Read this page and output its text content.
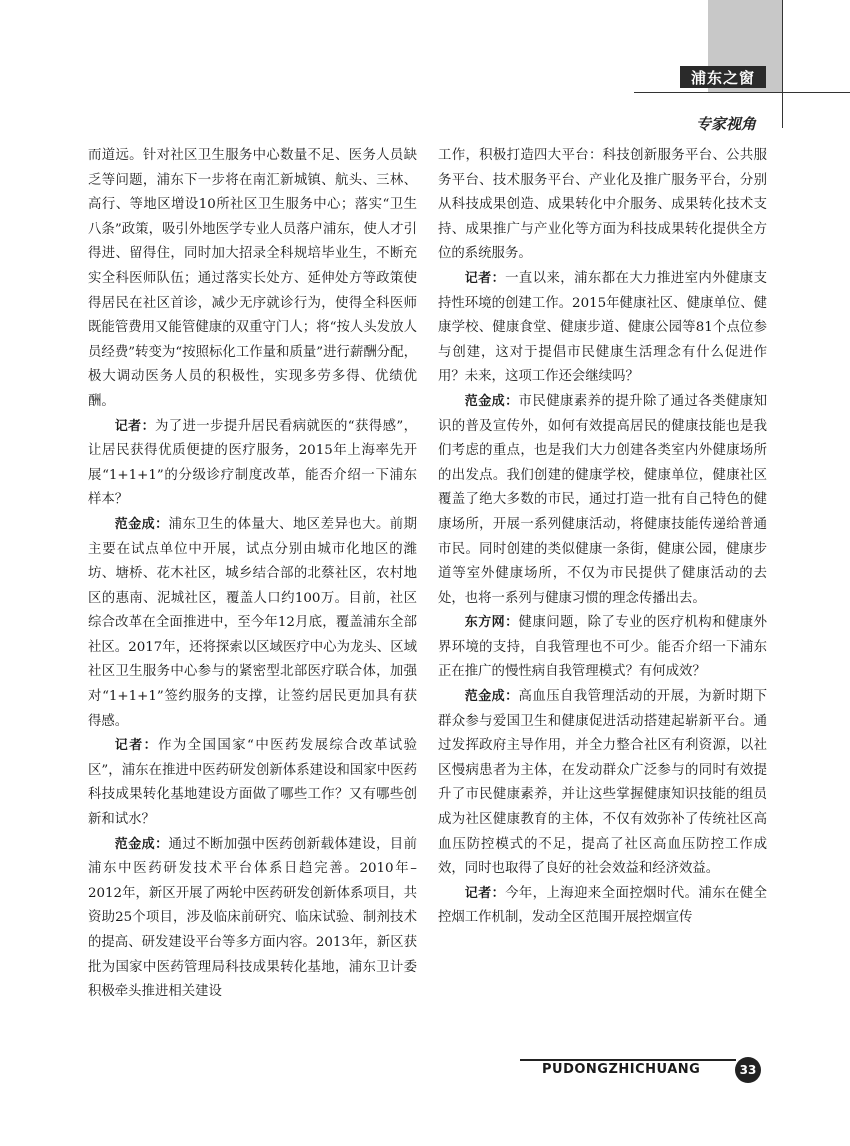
浦东之窗
专家视角

而道远。针对社区卫生服务中心数量不足、医务人员缺乏等问题，浦东下一步将在南汇新城镇、航头、三林、高行、等地区增设10所社区卫生服务中心；落实“卫生八条”政策，吸引外地医学专业人员落户浦东，使人才引得进、留得住，同时加大招录全科规培毕业生，不断充实全科医师队伍；通过落实长处方、延伸处方等政策使得居民在社区首诊，减少无序就诊行为，使得全科医师既能管费用又能管健康的双重守门人；将“按人头发放人员经费”转变为“按照标化工作量和质量”进行薪酬分配，极大调动医务人员的积极性，实现多劳多得、优绩优酬。

记者：为了进一步提升居民看病就医的“获得感”，让居民获得优质便捷的医疗服务，2015年上海率先开展“1+1+1”的分级诊疗制度改革，能否介绍一下浦东样本？

范金成：浦东卫生的体量大、地区差异也大。前期主要在试点单位中开展，试点分别由城市化地区的潍坊、塘桥、花木社区，城乡结合部的北蔡社区，农村地区的惠南、泥城社区，覆盖人口约100万。目前，社区综合改革在全面推进中，至今年12月底，覆盖浦东全部社区。2017年，还将探索以区域医疗中心为龙头、区域社区卫生服务中心参与的紧密型北部医疗联合体，加强对“1+1+1”签约服务的支撑，让签约居民更加具有获得感。

记者：作为全国国家“中医药发展综合改革试验区”，浦东在推进中医药研发创新体系建设和国家中医药科技成果转化基地建设方面做了哪些工作？又有哪些创新和试水？

范金成：通过不断加强中医药创新载体建设，目前浦东中医药研发技术平台体系日趋完善。2010年–2012年，新区开展了两轮中医药研发创新体系项目，共资助25个项目，涉及临床前研究、临床试验、制剂技术的提高、研发建设平台等多方面内容。2013年，新区获批为国家中医药管理局科技成果转化基地，浦东卫计委积极牵头推进相关建设

工作，积极打造四大平台：科技创新服务平台、公共服务平台、技术服务平台、产业化及推广服务平台，分别从科技成果创造、成果转化中介服务、成果转化技术支持、成果推广与产业化等方面为科技成果转化提供全方位的系统服务。

记者：一直以来，浦东都在大力推进室内外健康支持性环境的创建工作。2015年健康社区、健康单位、健康学校、健康食堂、健康步道、健康公园等81个点位参与创建，这对于提倡市民健康生活理念有什么促进作用？未来，这项工作还会继续吗？

范金成：市民健康素养的提升除了通过各类健康知识的普及宣传外，如何有效提高居民的健康技能也是我们考虑的重点，也是我们大力创建各类室内外健康场所的出发点。我们创建的健康学校，健康单位，健康社区覆盖了绝大多数的市民，通过打造一批有自己特色的健康场所，开展一系列健康活动，将健康技能传递给普通市民。同时创建的类似健康一条街，健康公园，健康步道等室外健康场所，不仅为市民提供了健康活动的去处，也将一系列与健康习惯的理念传播出去。

东方网：健康问题，除了专业的医疗机构和健康外界环境的支持，自我管理也不可少。能否介绍一下浦东正在推广的慢性病自我管理模式？有何成效？

范金成：高血压自我管理活动的开展，为新时期下群众参与爱国卫生和健康促进活动搭建起崭新平台。通过发挥政府主导作用，并全力整合社区有利资源，以社区慢病患者为主体，在发动群众广泛参与的同时有效提升了市民健康素养，并让这些掌握健康知识技能的组员成为社区健康教育的主体，不仅有效弥补了传统社区高血压防控模式的不足，提高了社区高血压防控工作成效，同时也取得了良好的社会效益和经济效益。

记者：今年，上海迎来全面控烟时代。浦东在健全控烟工作机制，发动全区范围开展控烟宣传

PUDONGZHICHUANG	33
